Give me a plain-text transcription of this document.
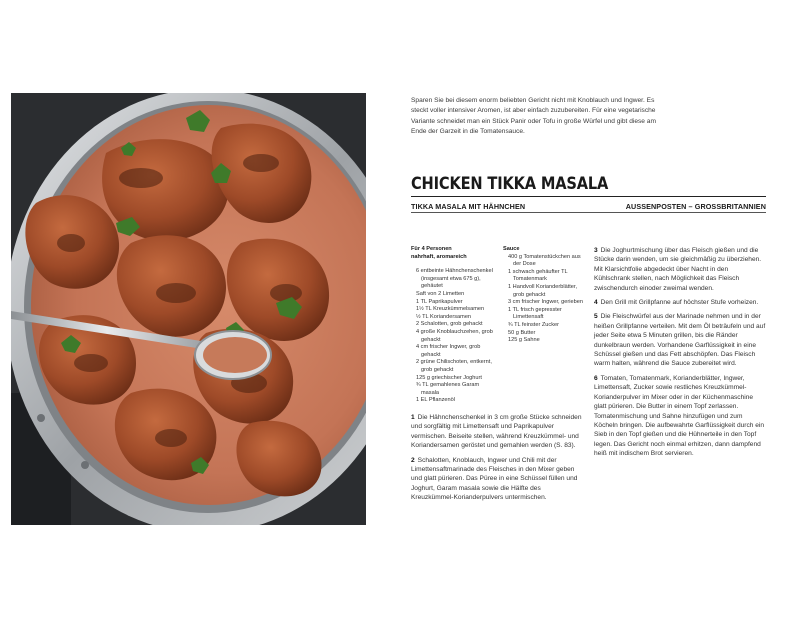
Sparen Sie bei diesem enorm beliebten Gericht nicht mit Knoblauch und Ingwer. Es steckt voller intensiver Aromen, ist aber einfach zuzubereiten. Für eine vegetarische Variante schneidet man ein Stück Panir oder Tofu in große Würfel und gibt diese am Ende der Garzeit in die Tomatensauce.
CHICKEN TIKKA MASALA
TIKKA MASALA MIT HÄHNCHEN	AUSSENPOSTEN – GROSSBRITANNIEN
Für 4 Personen
nahrhaft, aromareich
6 entbeinte Hähnchenschenkel (insgesamt etwa 675 g), gehäutet
Saft von 2 Limetten
1 TL Paprikapulver
1½ TL Kreuzkümmelsamen
½ TL Koriandersamen
2 Schalotten, grob gehackt
4 große Knoblauchzehen, grob gehackt
4 cm frischer Ingwer, grob gehackt
2 grüne Chilischoten, entkernt, grob gehackt
125 g griechischer Joghurt
¾ TL gemahlenes Garam masala
1 EL Pflanzenöl
Sauce
400 g Tomatenstückchen aus der Dose
1 schwach gehäufter TL Tomatenmark
1 Handvoll Korianderblätter, grob gehackt
3 cm frischer Ingwer, gerieben
1 TL frisch gepresster Limettensaft
¾ TL feinster Zucker
50 g Butter
125 g Sahne

1 Die Hähnchenschenkel in 3 cm große Stücke schneiden und sorgfältig mit Limettensaft und Paprikapulver vermischen. Beiseite stellen, während Kreuzkümmel- und Koriandersamen geröstet und gemahlen werden (S. 83).

2 Schalotten, Knoblauch, Ingwer und Chili mit der Limettensaftmarinade des Fleisches in den Mixer geben und glatt pürieren. Das Püree in eine Schüssel füllen und Joghurt, Garam masala sowie die Hälfte des Kreuzkümmel-Korianderpulvers untermischen.

3 Die Joghurtmischung über das Fleisch gießen und die Stücke darin wenden, um sie gleichmäßig zu überziehen. Mit Klarsichtfolie abgedeckt über Nacht in den Kühlschrank stellen, nach Möglichkeit das Fleisch zwischendurch einoder zweimal wenden.

4 Den Grill mit Grillpfanne auf höchster Stufe vorheizen.

5 Die Fleischwürfel aus der Marinade nehmen und in der heißen Grillpfanne verteilen. Mit dem Öl beträufeln und auf jeder Seite etwa 5 Minuten grillen, bis die Ränder dunkelbraun werden. Vorhandene Garflüssigkeit in eine Schüssel gießen und das Fett abschöpfen. Das Fleisch warm halten, während die Sauce zubereitet wird.

6 Tomaten, Tomatenmark, Korianderblätter, Ingwer, Limettensaft, Zucker sowie restliches Kreuzkümmel-Korianderpulver im Mixer oder in der Küchenmaschine glatt pürieren. Die Butter in einem Topf zerlassen. Tomatenmischung und Sahne hinzufügen und zum Köcheln bringen. Die aufbewahrte Garflüssigkeit durch ein Sieb in den Topf gießen und die Hühnerteile in den Topf legen. Das Gericht noch einmal erhitzen, dann dampfend heiß mit indischem Brot servieren.
